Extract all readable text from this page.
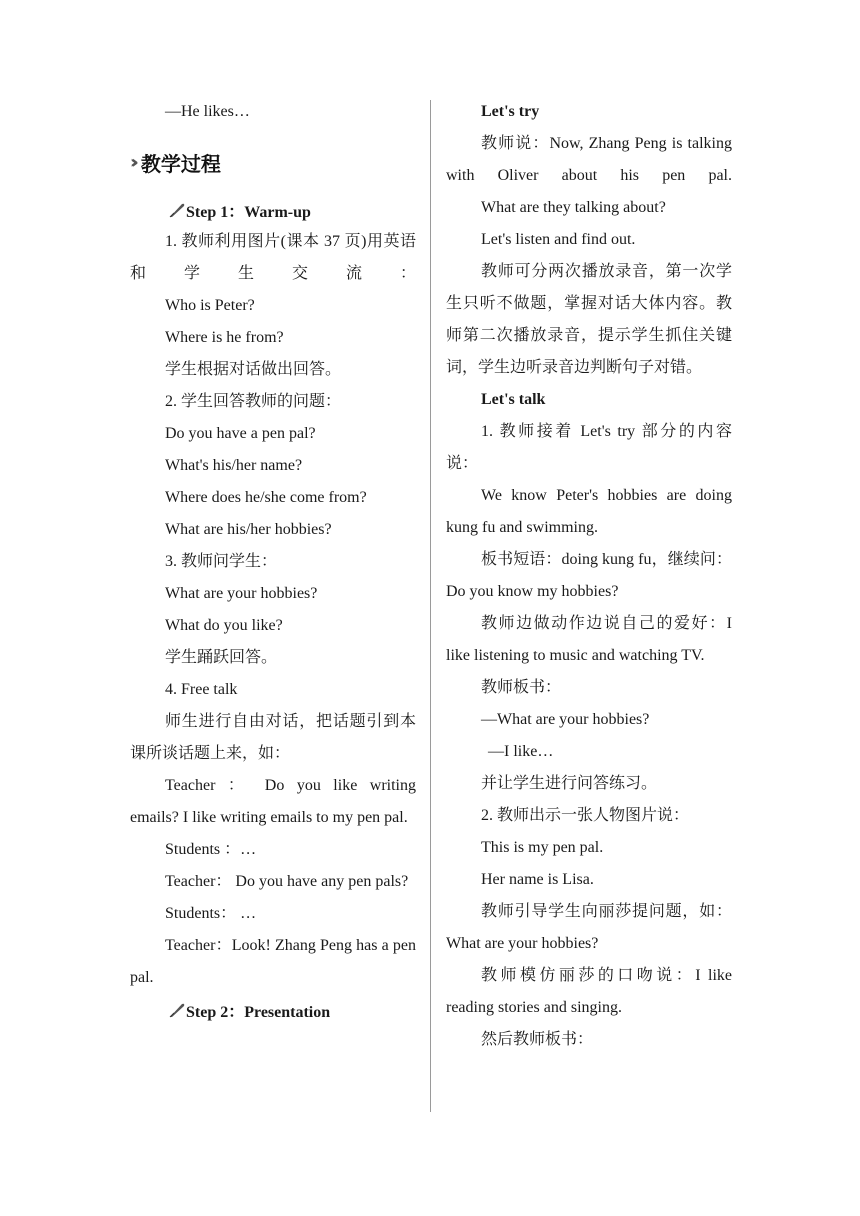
—He likes…

›› 教学过程
Step 1：Warm-up

1. 教师利用图片(课本 37 页)用英语和学生交流：

Who is Peter?

Where is he from?

学生根据对话做出回答。

2. 学生回答教师的问题：

Do you have a pen pal?

What's his/her name?

Where does he/she come from?

What are his/her hobbies?

3. 教师问学生：

What are your hobbies?

What do you like?

学生踊跃回答。

4. Free talk

师生进行自由对话，把话题引到本课所谈话题上来，如：

Teacher ： Do you like writing emails? I like writing emails to my pen pal.

Students ：…

Teacher： Do you have any pen pals?

Students： …

Teacher：Look! Zhang Peng has a pen pal.

Step 2：Presentation

Let's try

教师说：Now, Zhang Peng is talking with Oliver about his pen pal.

What are they talking about?

Let's listen and find out.

教师可分两次播放录音，第一次学生只听不做题，掌握对话大体内容。教师第二次播放录音，提示学生抓住关键词，学生边听录音边判断句子对错。

Let's talk

1. 教师接着 Let's try 部分的内容说：

We know Peter's hobbies are doing kung fu and swimming.

板书短语：doing kung fu，继续问：Do you know my hobbies?

教师边做动作边说自己的爱好：I like listening to music and watching TV.

教师板书：

—What are your hobbies?

—I like…

并让学生进行问答练习。

2. 教师出示一张人物图片说：

This is my pen pal.

Her name is Lisa.

教师引导学生向丽莎提问题，如：What are your hobbies?

教师模仿丽莎的口吻说：I like reading stories and singing.

然后教师板书：
